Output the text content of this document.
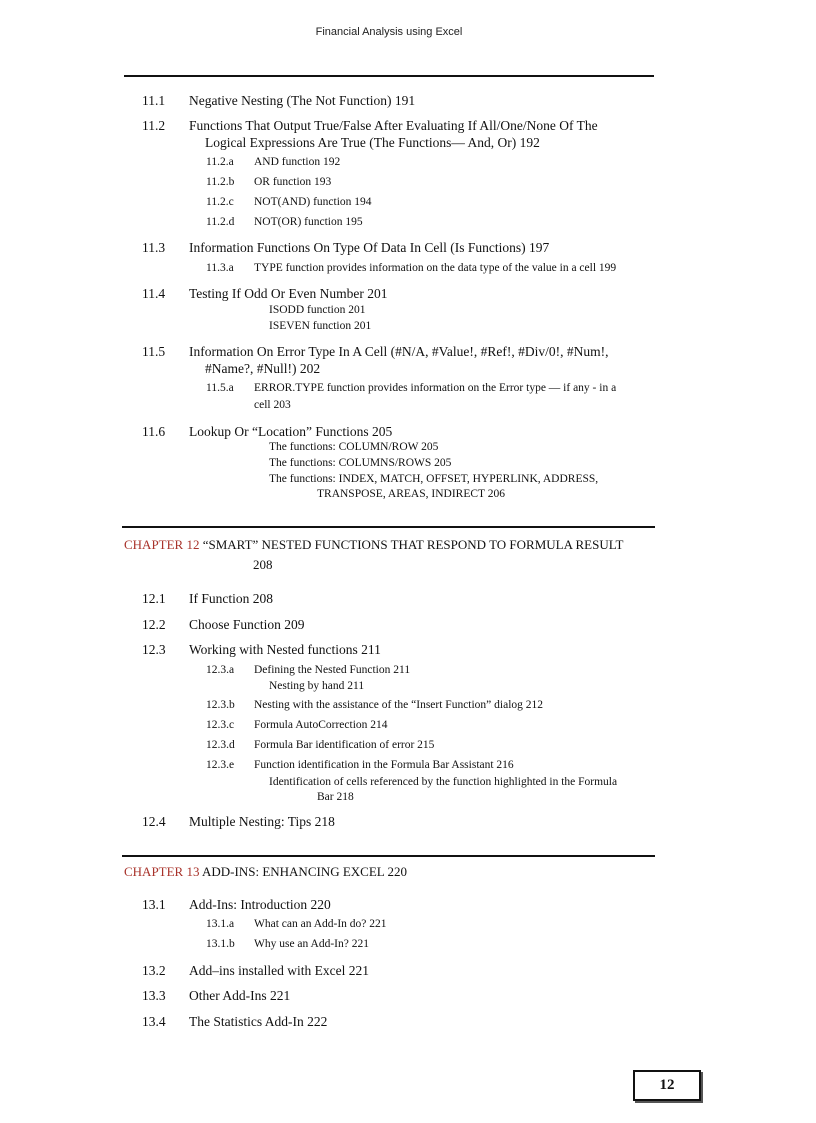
Financial Analysis using Excel
11.1 Negative Nesting (The Not Function) 191
11.2 Functions That Output True/False After Evaluating If All/One/None Of The
Logical Expressions Are True (The Functions— And, Or) 192
11.2.a AND function 192
11.2.b OR function 193
11.2.c NOT(AND) function 194
11.2.d NOT(OR) function 195
11.3 Information Functions On Type Of Data In Cell (Is Functions) 197
11.3.a TYPE function provides information on the data type of the value in a cell 199
11.4 Testing If Odd Or Even Number 201
ISODD function 201
ISEVEN function 201
11.5 Information On Error Type In A Cell (#N/A, #Value!, #Ref!, #Div/0!, #Num!,
#Name?, #Null!) 202
11.5.a ERROR.TYPE function provides information on the Error type — if any - in a
cell 203
11.6 Lookup Or “Location” Functions 205
The functions: COLUMN/ROW 205
The functions: COLUMNS/ROWS 205
The functions: INDEX, MATCH, OFFSET, HYPERLINK, ADDRESS,
TRANSPOSE, AREAS, INDIRECT 206
CHAPTER 12 “SMART” NESTED FUNCTIONS THAT RESPOND TO FORMULA RESULT
208
12.1 If Function 208
12.2 Choose Function 209
12.3 Working with Nested functions 211
12.3.a Defining the Nested Function 211
Nesting by hand 211
12.3.b Nesting with the assistance of the “Insert Function” dialog 212
12.3.c Formula AutoCorrection 214
12.3.d Formula Bar identification of error 215
12.3.e Function identification in the Formula Bar Assistant 216
Identification of cells referenced by the function highlighted in the Formula
Bar 218
12.4 Multiple Nesting: Tips 218
CHAPTER 13 ADD-INS: ENHANCING EXCEL 220
13.1 Add-Ins: Introduction 220
13.1.a What can an Add-In do? 221
13.1.b Why use an Add-In? 221
13.2 Add–ins installed with Excel 221
13.3 Other Add-Ins 221
13.4 The Statistics Add-In 222
12
